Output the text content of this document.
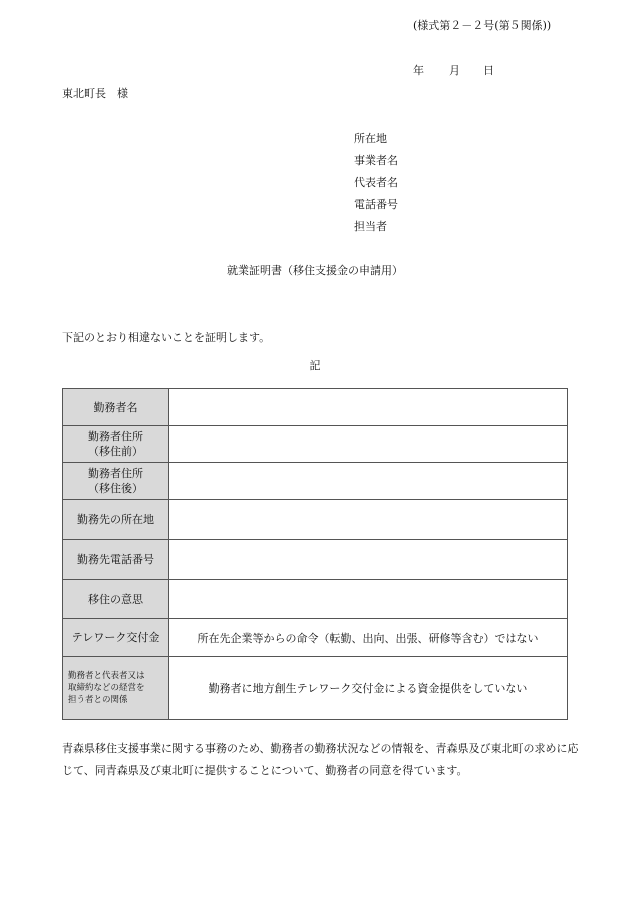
(様式第２－２号(第５関係))
年 月 日
東北町長　様
所在地
事業者名
代表者名
電話番号
担当者
就業証明書（移住支援金の申請用）
下記のとおり相違ないことを証明します。
記
勤務者名	

勤務者住所
（移住前）	

勤務者住所
（移住後）	

勤務先の所在地	

勤務先電話番号	

移住の意思	

テレワーク交付金	所在先企業等からの命令（転勤、出向、出張、研修等含む）ではない

勤務者と代表者又は
取締約などの経営を
担う者との関係	勤務者に地方創生テレワーク交付金による資金提供をしていない
青森県移住支援事業に関する事務のため、勤務者の勤務状況などの情報を、青森県及び東北町の求めに応じて、同青森県及び東北町に提供することについて、勤務者の同意を得ています。
